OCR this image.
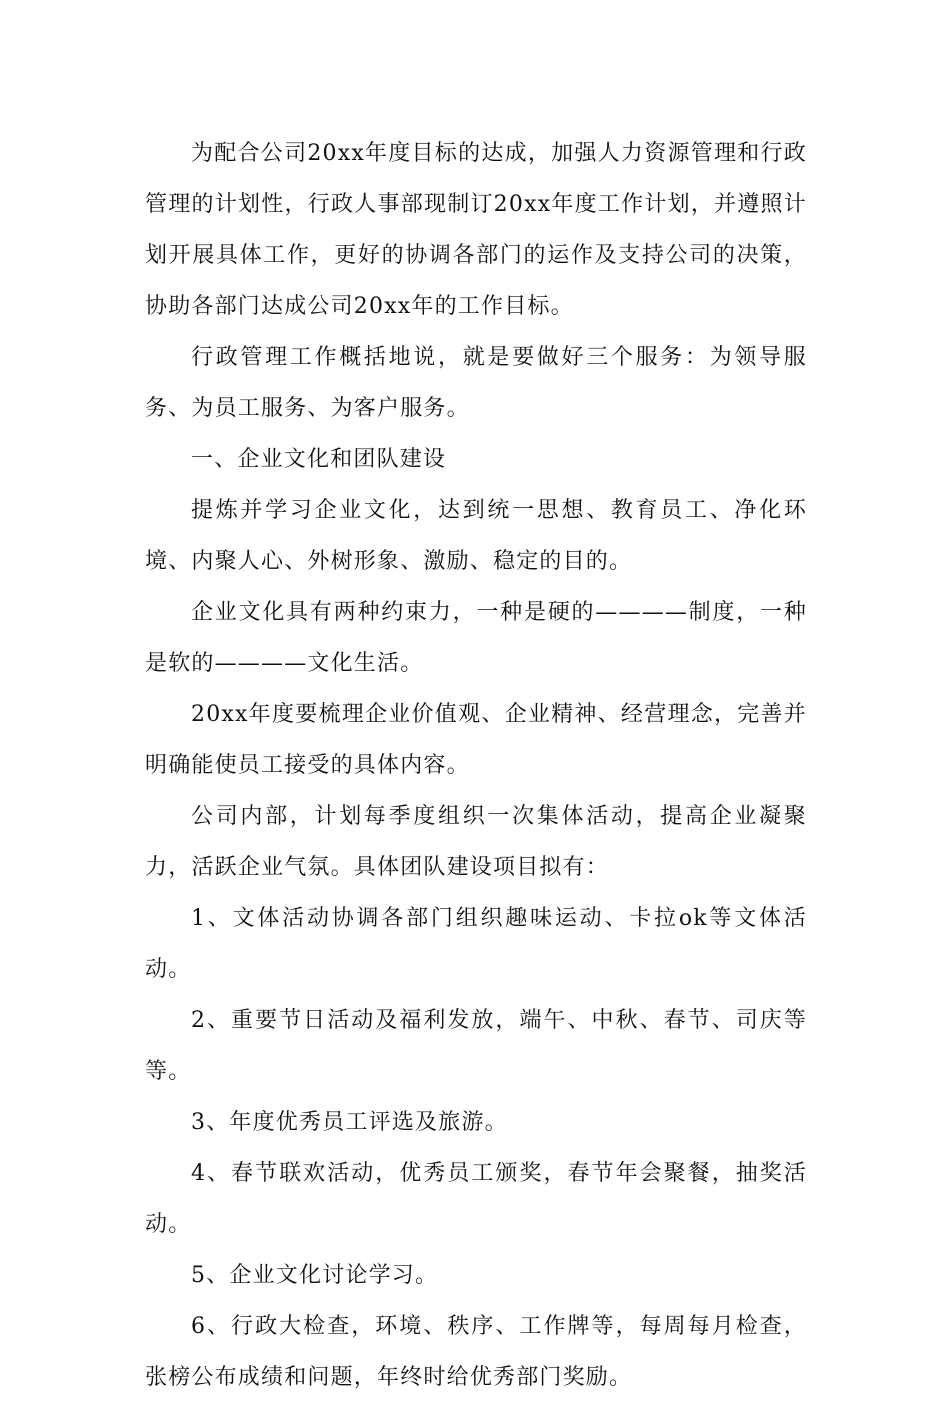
为配合公司20xx年度目标的达成，加强人力资源管理和行政管理的计划性，行政人事部现制订20xx年度工作计划，并遵照计划开展具体工作，更好的协调各部门的运作及支持公司的决策，协助各部门达成公司20xx年的工作目标。

行政管理工作概括地说，就是要做好三个服务：为领导服务、为员工服务、为客户服务。

一、企业文化和团队建设

提炼并学习企业文化，达到统一思想、教育员工、净化环境、内聚人心、外树形象、激励、稳定的目的。

企业文化具有两种约束力，一种是硬的————制度，一种是软的————文化生活。

20xx年度要梳理企业价值观、企业精神、经营理念，完善并明确能使员工接受的具体内容。

公司内部，计划每季度组织一次集体活动，提高企业凝聚力，活跃企业气氛。具体团队建设项目拟有：

1、文体活动协调各部门组织趣味运动、卡拉ok等文体活动。

2、重要节日活动及福利发放，端午、中秋、春节、司庆等等。

3、年度优秀员工评选及旅游。

4、春节联欢活动，优秀员工颁奖，春节年会聚餐，抽奖活动。

5、企业文化讨论学习。

6、行政大检查，环境、秩序、工作牌等，每周每月检查，张榜公布成绩和问题，年终时给优秀部门奖励。
